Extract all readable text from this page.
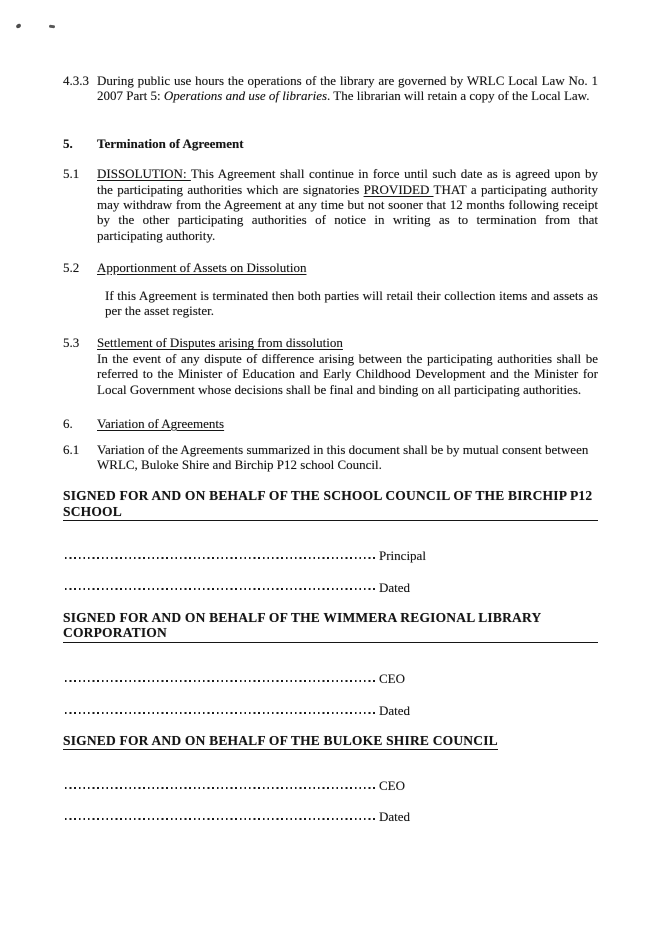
4.3.3 During public use hours the operations of the library are governed by WRLC Local Law No. 1 2007 Part 5: Operations and use of libraries. The librarian will retain a copy of the Local Law.

5. Termination of Agreement

5.1 DISSOLUTION: This Agreement shall continue in force until such date as is agreed upon by the participating authorities which are signatories PROVIDED THAT a participating authority may withdraw from the Agreement at any time but not sooner that 12 months following receipt by the other participating authorities of notice in writing as to termination from that participating authority.

5.2 Apportionment of Assets on Dissolution

If this Agreement is terminated then both parties will retail their collection items and assets as per the asset register.

5.3 Settlement of Disputes arising from dissolution
In the event of any dispute of difference arising between the participating authorities shall be referred to the Minister of Education and Early Childhood Development and the Minister for Local Government whose decisions shall be final and binding on all participating authorities.

6. Variation of Agreements

6.1 Variation of the Agreements summarized in this document shall be by mutual consent between WRLC, Buloke Shire and Birchip P12 school Council.

SIGNED FOR AND ON BEHALF OF THE SCHOOL COUNCIL OF THE BIRCHIP P12 SCHOOL
Principal
Dated
SIGNED FOR AND ON BEHALF OF THE WIMMERA REGIONAL LIBRARY CORPORATION
CEO
Dated
SIGNED FOR AND ON BEHALF OF THE BULOKE SHIRE COUNCIL
CEO
Dated
